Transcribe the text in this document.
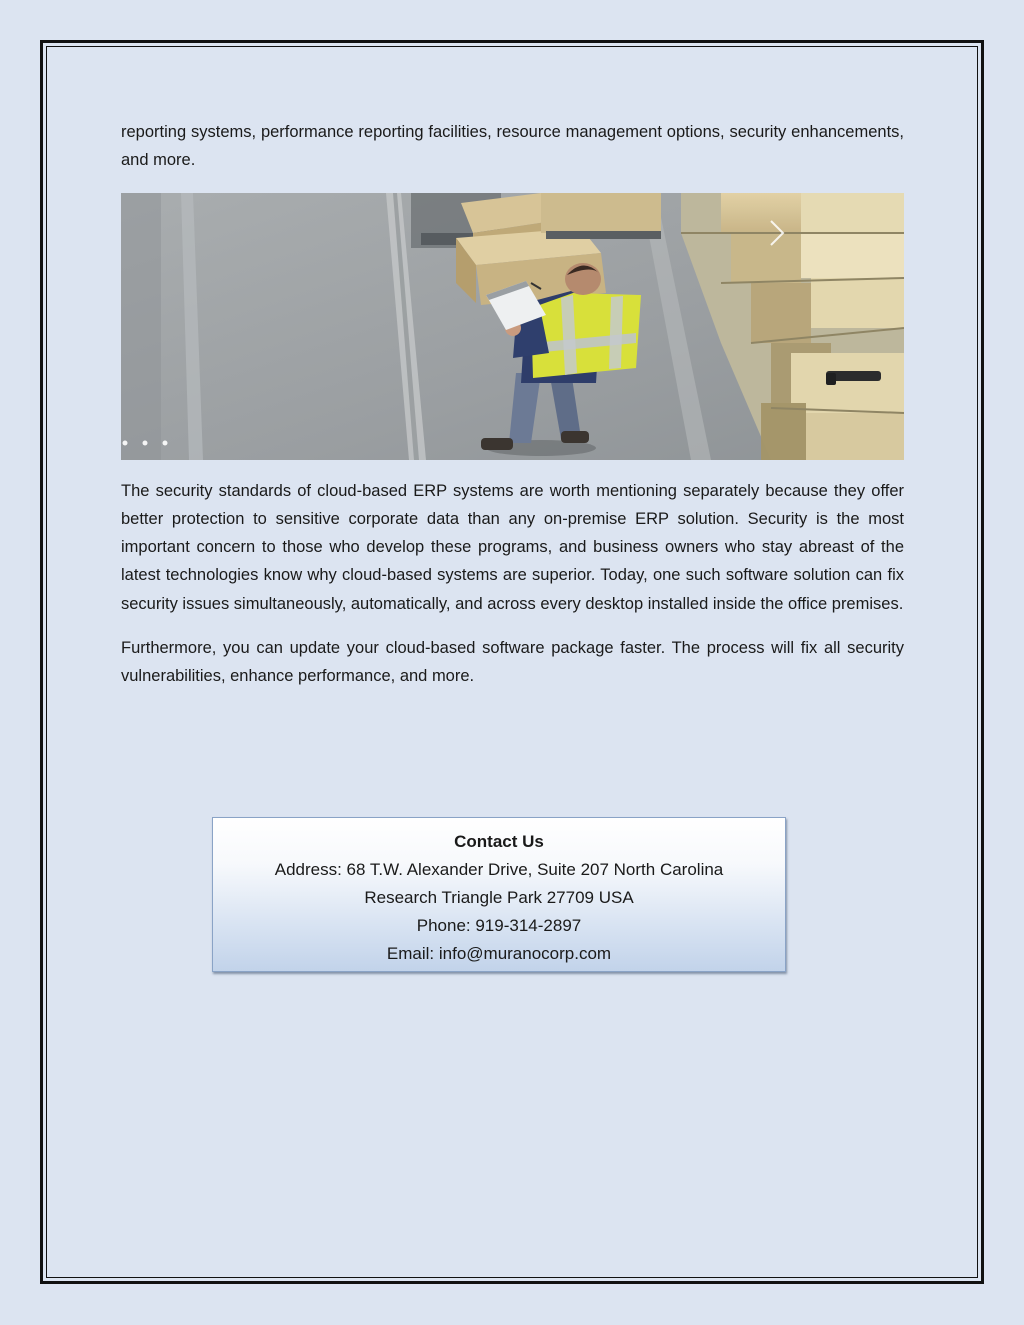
reporting systems, performance reporting facilities, resource management options, security enhancements, and more.

The security standards of cloud-based ERP systems are worth mentioning separately because they offer better protection to sensitive corporate data than any on-premise ERP solution. Security is the most important concern to those who develop these programs, and business owners who stay abreast of the latest technologies know why cloud-based systems are superior. Today, one such software solution can fix security issues simultaneously, automatically, and across every desktop installed inside the office premises.

Furthermore, you can update your cloud-based software package faster. The process will fix all security vulnerabilities, enhance performance, and more.

Contact Us

Address: 68 T.W. Alexander Drive, Suite 207 North Carolina

Research Triangle Park 27709 USA

Phone: 919-314-2897

Email: info@muranocorp.com
